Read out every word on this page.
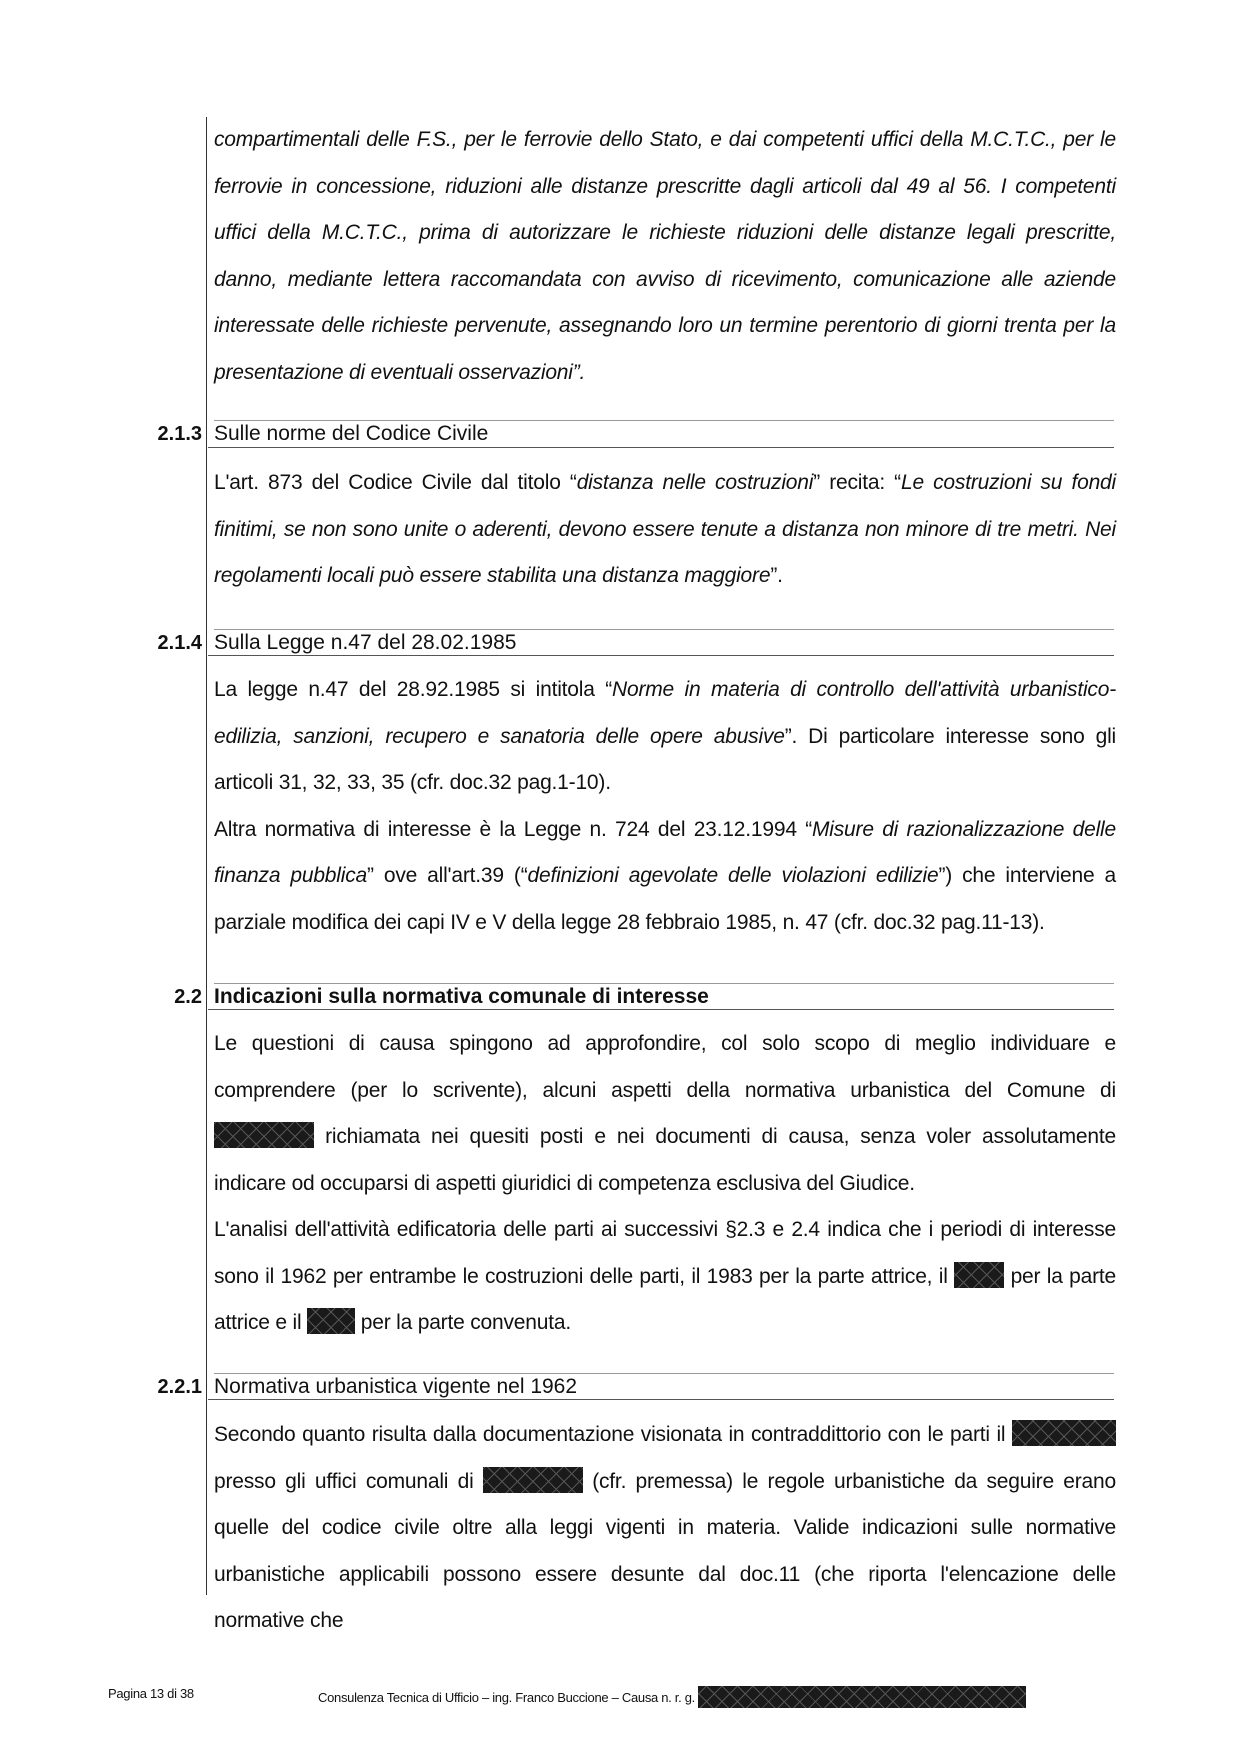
compartimentali delle F.S., per le ferrovie dello Stato, e dai competenti uffici della M.C.T.C., per le ferrovie in concessione, riduzioni alle distanze prescritte dagli articoli dal 49 al 56. I competenti uffici della M.C.T.C., prima di autorizzare le richieste riduzioni delle distanze legali prescritte, danno, mediante lettera raccomandata con avviso di ricevimento, comunicazione alle aziende interessate delle richieste pervenute, assegnando loro un termine perentorio di giorni trenta per la presentazione di eventuali osservazioni”.

2.1.3 Sulle norme del Codice Civile

L'art. 873 del Codice Civile dal titolo “distanza nelle costruzioni” recita: “Le costruzioni su fondi finitimi, se non sono unite o aderenti, devono essere tenute a distanza non minore di tre metri. Nei regolamenti locali può essere stabilita una distanza maggiore”.

2.1.4 Sulla Legge n.47 del 28.02.1985

La legge n.47 del 28.92.1985 si intitola “Norme in materia di controllo dell'attività urbanistico-edilizia, sanzioni, recupero e sanatoria delle opere abusive”. Di particolare interesse sono gli articoli 31, 32, 33, 35 (cfr. doc.32 pag.1-10).

Altra normativa di interesse è la Legge n. 724 del 23.12.1994 “Misure di razionalizzazione delle finanza pubblica” ove all'art.39 (“definizioni agevolate delle violazioni edilizie”) che interviene a parziale modifica dei capi IV e V della legge 28 febbraio 1985, n. 47 (cfr. doc.32 pag.11-13).

2.2 Indicazioni sulla normativa comunale di interesse

Le questioni di causa spingono ad approfondire, col solo scopo di meglio individuare e comprendere (per lo scrivente), alcuni aspetti della normativa urbanistica del Comune di  richiamata nei quesiti posti e nei documenti di causa, senza voler assolutamente indicare od occuparsi di aspetti giuridici di competenza esclusiva del Giudice.

L'analisi dell'attività edificatoria delle parti ai successivi §2.3 e 2.4 indica che i periodi di interesse sono il 1962 per entrambe le costruzioni delle parti, il 1983 per la parte attrice, il	per la parte attrice e il	per la parte convenuta.

2.2.1 Normativa urbanistica vigente nel 1962

Secondo quanto risulta dalla documentazione visionata in contraddittorio con le parti il  presso gli uffici comunali di	(cfr. premessa) le regole urbanistiche da seguire erano quelle del codice civile oltre alla leggi vigenti in materia. Valide indicazioni sulle normative urbanistiche applicabili possono essere desunte dal doc.11 (che riporta l'elencazione delle normative che

Pagina 13 di 38	Consulenza Tecnica di Ufficio – ing. Franco Buccione – Causa n. r. g.
